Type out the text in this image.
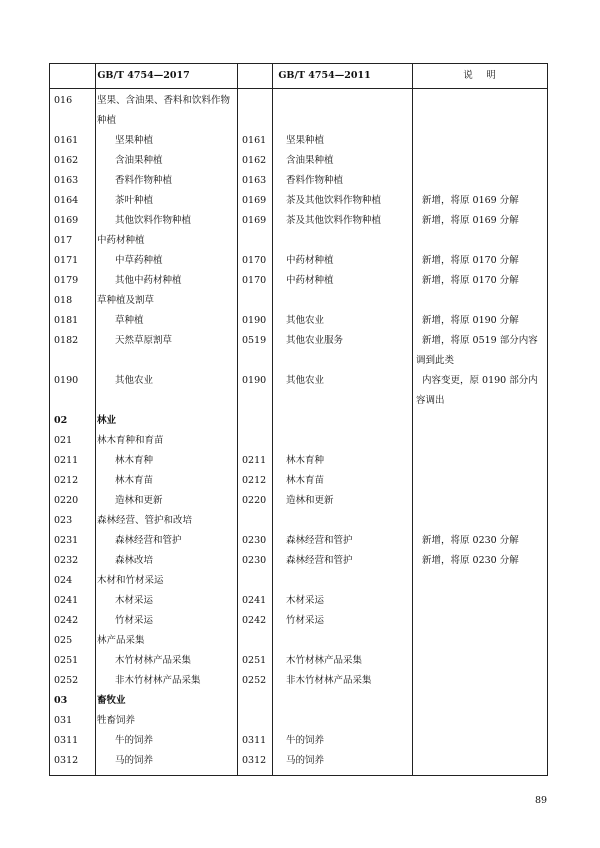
GB/T 4754—2017	GB/T 4754—2011	说　明
016	坚果、含油果、香料和饮料作物种植
0161	坚果种植	0161 坚果种植
0162	含油果种植	0162 含油果种植
0163	香料作物种植	0163 香料作物种植
0164	茶叶种植	0169 茶及其他饮料作物种植	新增，将原 0169 分解
0169	其他饮料作物种植	0169 茶及其他饮料作物种植	新增，将原 0169 分解
017	中药材种植
0171	中草药种植	0170 中药材种植	新增，将原 0170 分解
0179	其他中药材种植	0170 中药材种植	新增，将原 0170 分解
018	草种植及割草
0181	草种植	0190 其他农业	新增，将原 0190 分解
0182	天然草原割草	0519 其他农业服务	新增，将原 0519 部分内容调到此类
0190	其他农业	0190 其他农业	内容变更，原 0190 部分内容调出
02	林业
021	林木育种和育苗
0211	林木育种	0211 林木育种
0212	林木育苗	0212 林木育苗
0220	造林和更新	0220 造林和更新
023	森林经营、管护和改培
0231	森林经营和管护	0230 森林经营和管护	新增，将原 0230 分解
0232	森林改培	0230 森林经营和管护	新增，将原 0230 分解
024	木材和竹材采运
0241	木材采运	0241 木材采运
0242	竹材采运	0242 竹材采运
025	林产品采集
0251	木竹材林产品采集	0251 木竹材林产品采集
0252	非木竹材林产品采集	0252 非木竹材林产品采集
03	畜牧业
031	牲畜饲养
0311	牛的饲养	0311 牛的饲养
0312	马的饲养	0312 马的饲养
89
